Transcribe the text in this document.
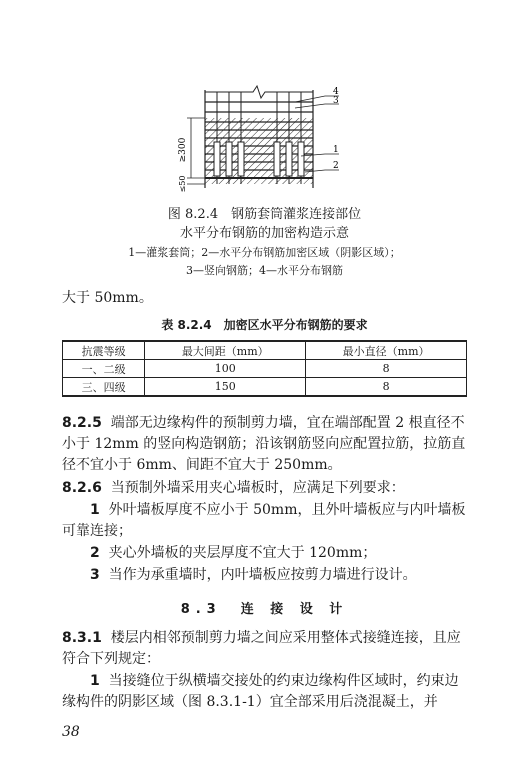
≥300
≤50
4
3
1
2
图 8.2.4　钢筋套筒灌浆连接部位
水平分布钢筋的加密构造示意
1—灌浆套筒；2—水平分布钢筋加密区域（阴影区域）；
3—竖向钢筋；4—水平分布钢筋
大于 50mm。
表 8.2.4　加密区水平分布钢筋的要求
抗震等级	最大间距（mm）	最小直径（mm）
一、二级	100	8
三、四级	150	8
8.2.5 端部无边缘构件的预制剪力墙，宜在端部配置 2 根直径不小于 12mm 的竖向构造钢筋；沿该钢筋竖向应配置拉筋，拉筋直径不宜小于 6mm、间距不宜大于 250mm。
8.2.6 当预制外墙采用夹心墙板时，应满足下列要求：
1 外叶墙板厚度不应小于 50mm，且外叶墙板应与内叶墙板可靠连接；
2 夹心外墙板的夹层厚度不宜大于 120mm；
3 当作为承重墙时，内叶墙板应按剪力墙进行设计。
8.3　连 接 设 计
8.3.1 楼层内相邻预制剪力墙之间应采用整体式接缝连接，且应符合下列规定：
1 当接缝位于纵横墙交接处的约束边缘构件区域时，约束边缘构件的阴影区域（图 8.3.1-1）宜全部采用后浇混凝土，并
38
